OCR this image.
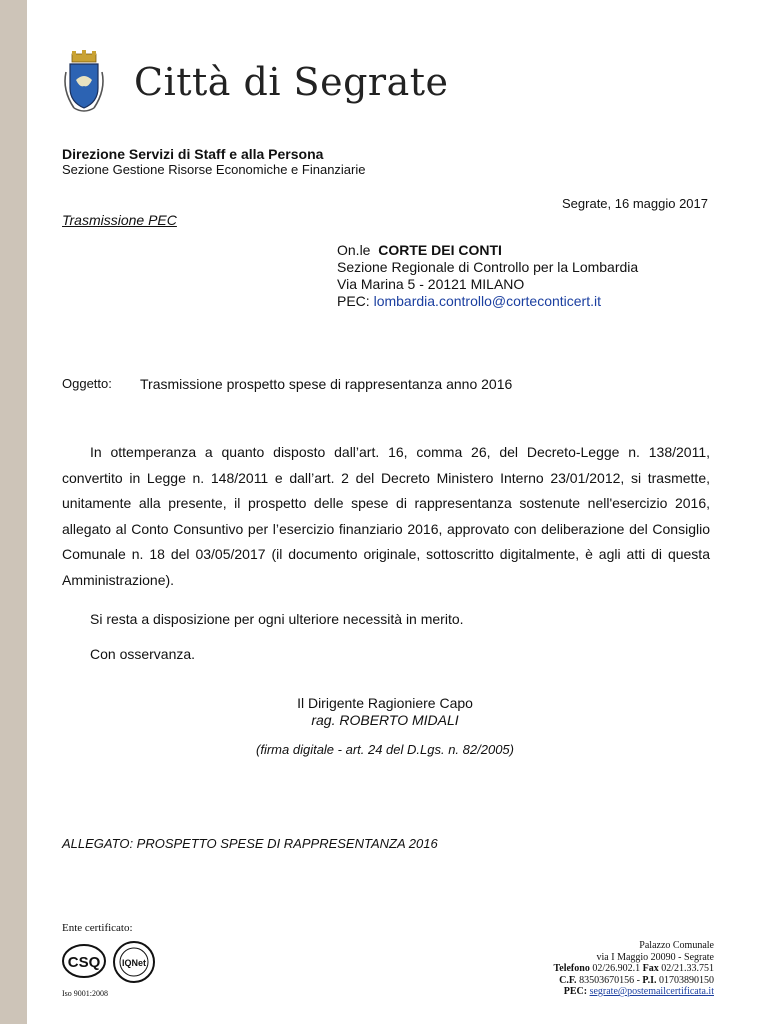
Città di Segrate
Direzione Servizi di Staff e alla Persona
Sezione Gestione Risorse Economiche e Finanziarie
Segrate, 16 maggio 2017
Trasmissione PEC
On.le CORTE DEI CONTI
Sezione Regionale di Controllo per la Lombardia
Via Marina 5 - 20121 MILANO
PEC: lombardia.controllo@corteconticert.it
Oggetto: Trasmissione prospetto spese di rappresentanza anno 2016
In ottemperanza a quanto disposto dall’art. 16, comma 26, del Decreto-Legge n. 138/2011, convertito in Legge n. 148/2011 e dall’art. 2 del Decreto Ministero Interno 23/01/2012, si trasmette, unitamente alla presente, il prospetto delle spese di rappresentanza sostenute nell'esercizio 2016, allegato al Conto Consuntivo per l’esercizio finanziario 2016, approvato con deliberazione del Consiglio Comunale n. 18 del 03/05/2017 (il documento originale, sottoscritto digitalmente, è agli atti di questa Amministrazione).
Si resta a disposizione per ogni ulteriore necessità in merito.
Con osservanza.
Il Dirigente Ragioniere Capo
rag. ROBERTO MIDALI
(firma digitale - art. 24 del D.Lgs. n. 82/2005)
ALLEGATO: PROSPETTO SPESE DI RAPPRESENTANZA 2016
Ente certificato:
CSQ IQNet
Iso 9001:2008
Palazzo Comunale
via I Maggio 20090 - Segrate
Telefono 02/26.902.1 Fax 02/21.33.751
C.F. 83503670156 - P.I. 01703890150
PEC: segrate@postemailcertificata.it
